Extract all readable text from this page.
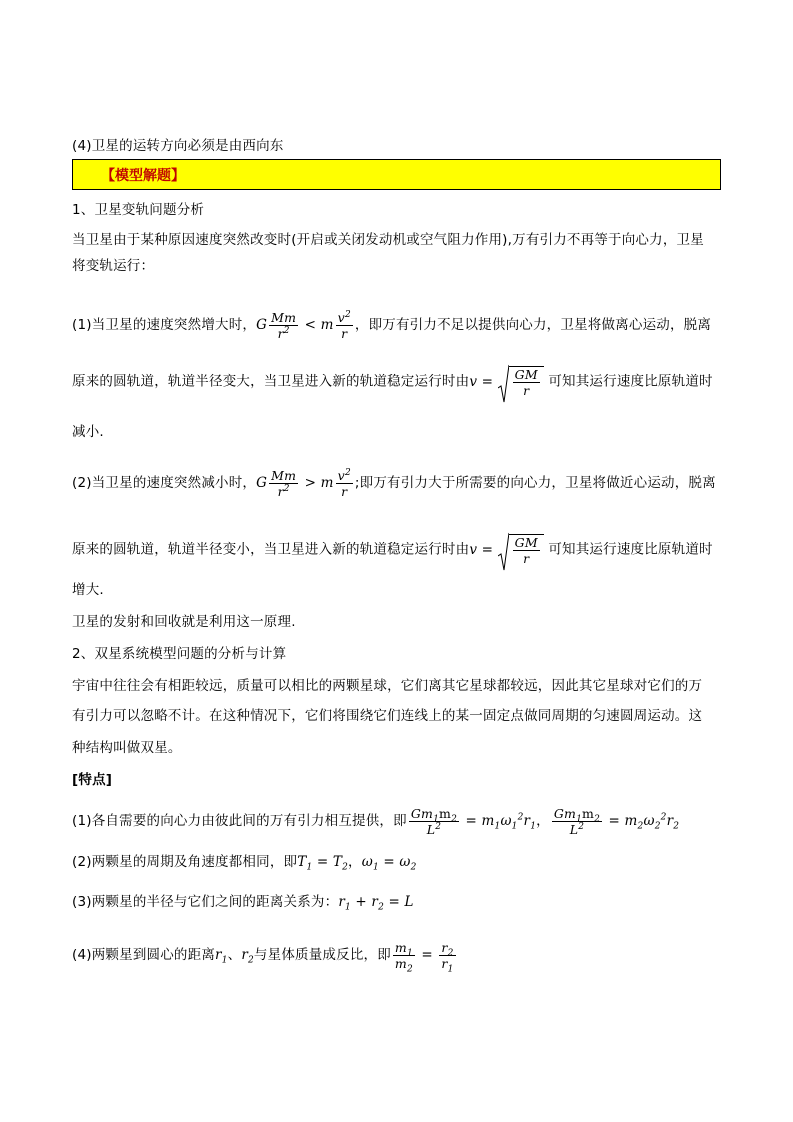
(4)卫星的运转方向必须是由西向东
【模型解题】
1、卫星变轨问题分析
当卫星由于某种原因速度突然改变时(开启或关闭发动机或空气阻力作用),万有引力不再等于向心力，卫星
将变轨运行：
(1)当卫星的速度突然增大时，G $\frac{Mm}{r^2} < m \frac{v^2}{r}$ ，即万有引力不足以提供向心力，卫星将做离心运动，脱离
原来的圆轨道，轨道半径变大，当卫星进入新的轨道稳定运行时由$v = \frac{GM}{r}$ 可知其运行速度比原轨道时
减小.
(2)当卫星的速度突然减小时，G $\frac{Mm}{r^2} > m \frac{v^2}{r}$ ;即万有引力大于所需要的向心力，卫星将做近心运动，脱离
原来的圆轨道，轨道半径变小，当卫星进入新的轨道稳定运行时由$v = \frac{GM}{r}$ 可知其运行速度比原轨道时
增大.
卫星的发射和回收就是利用这一原理.
2、双星系统模型问题的分析与计算
宇宙中往往会有相距较远，质量可以相比的两颗星球，它们离其它星球都较远，因此其它星球对它们的万
有引力可以忽略不计。在这种情况下，它们将围绕它们连线上的某一固定点做同周期的匀速圆周运动。这
种结构叫做双星。
[特点]
(1)各自需要的向心力由彼此间的万有引力相互提供，即 $\frac{Gm_1m_2}{L^2} = m_1\omega_1^2r_1$， $\frac{Gm_1m_2}{L^2} = m_2\omega_2^2r_2$
(2)两颗星的周期及角速度都相同，即$T_1 = T_2$，$\omega_1 = \omega_2$
(3)两颗星的半径与它们之间的距离关系为：$r_1 + r_2 = L$
(4)两颗星到圆心的距离$r_1$、$r_2$与星体质量成反比，即 $\frac{m_1}{m_2} = \frac{r_2}{r_1}$
